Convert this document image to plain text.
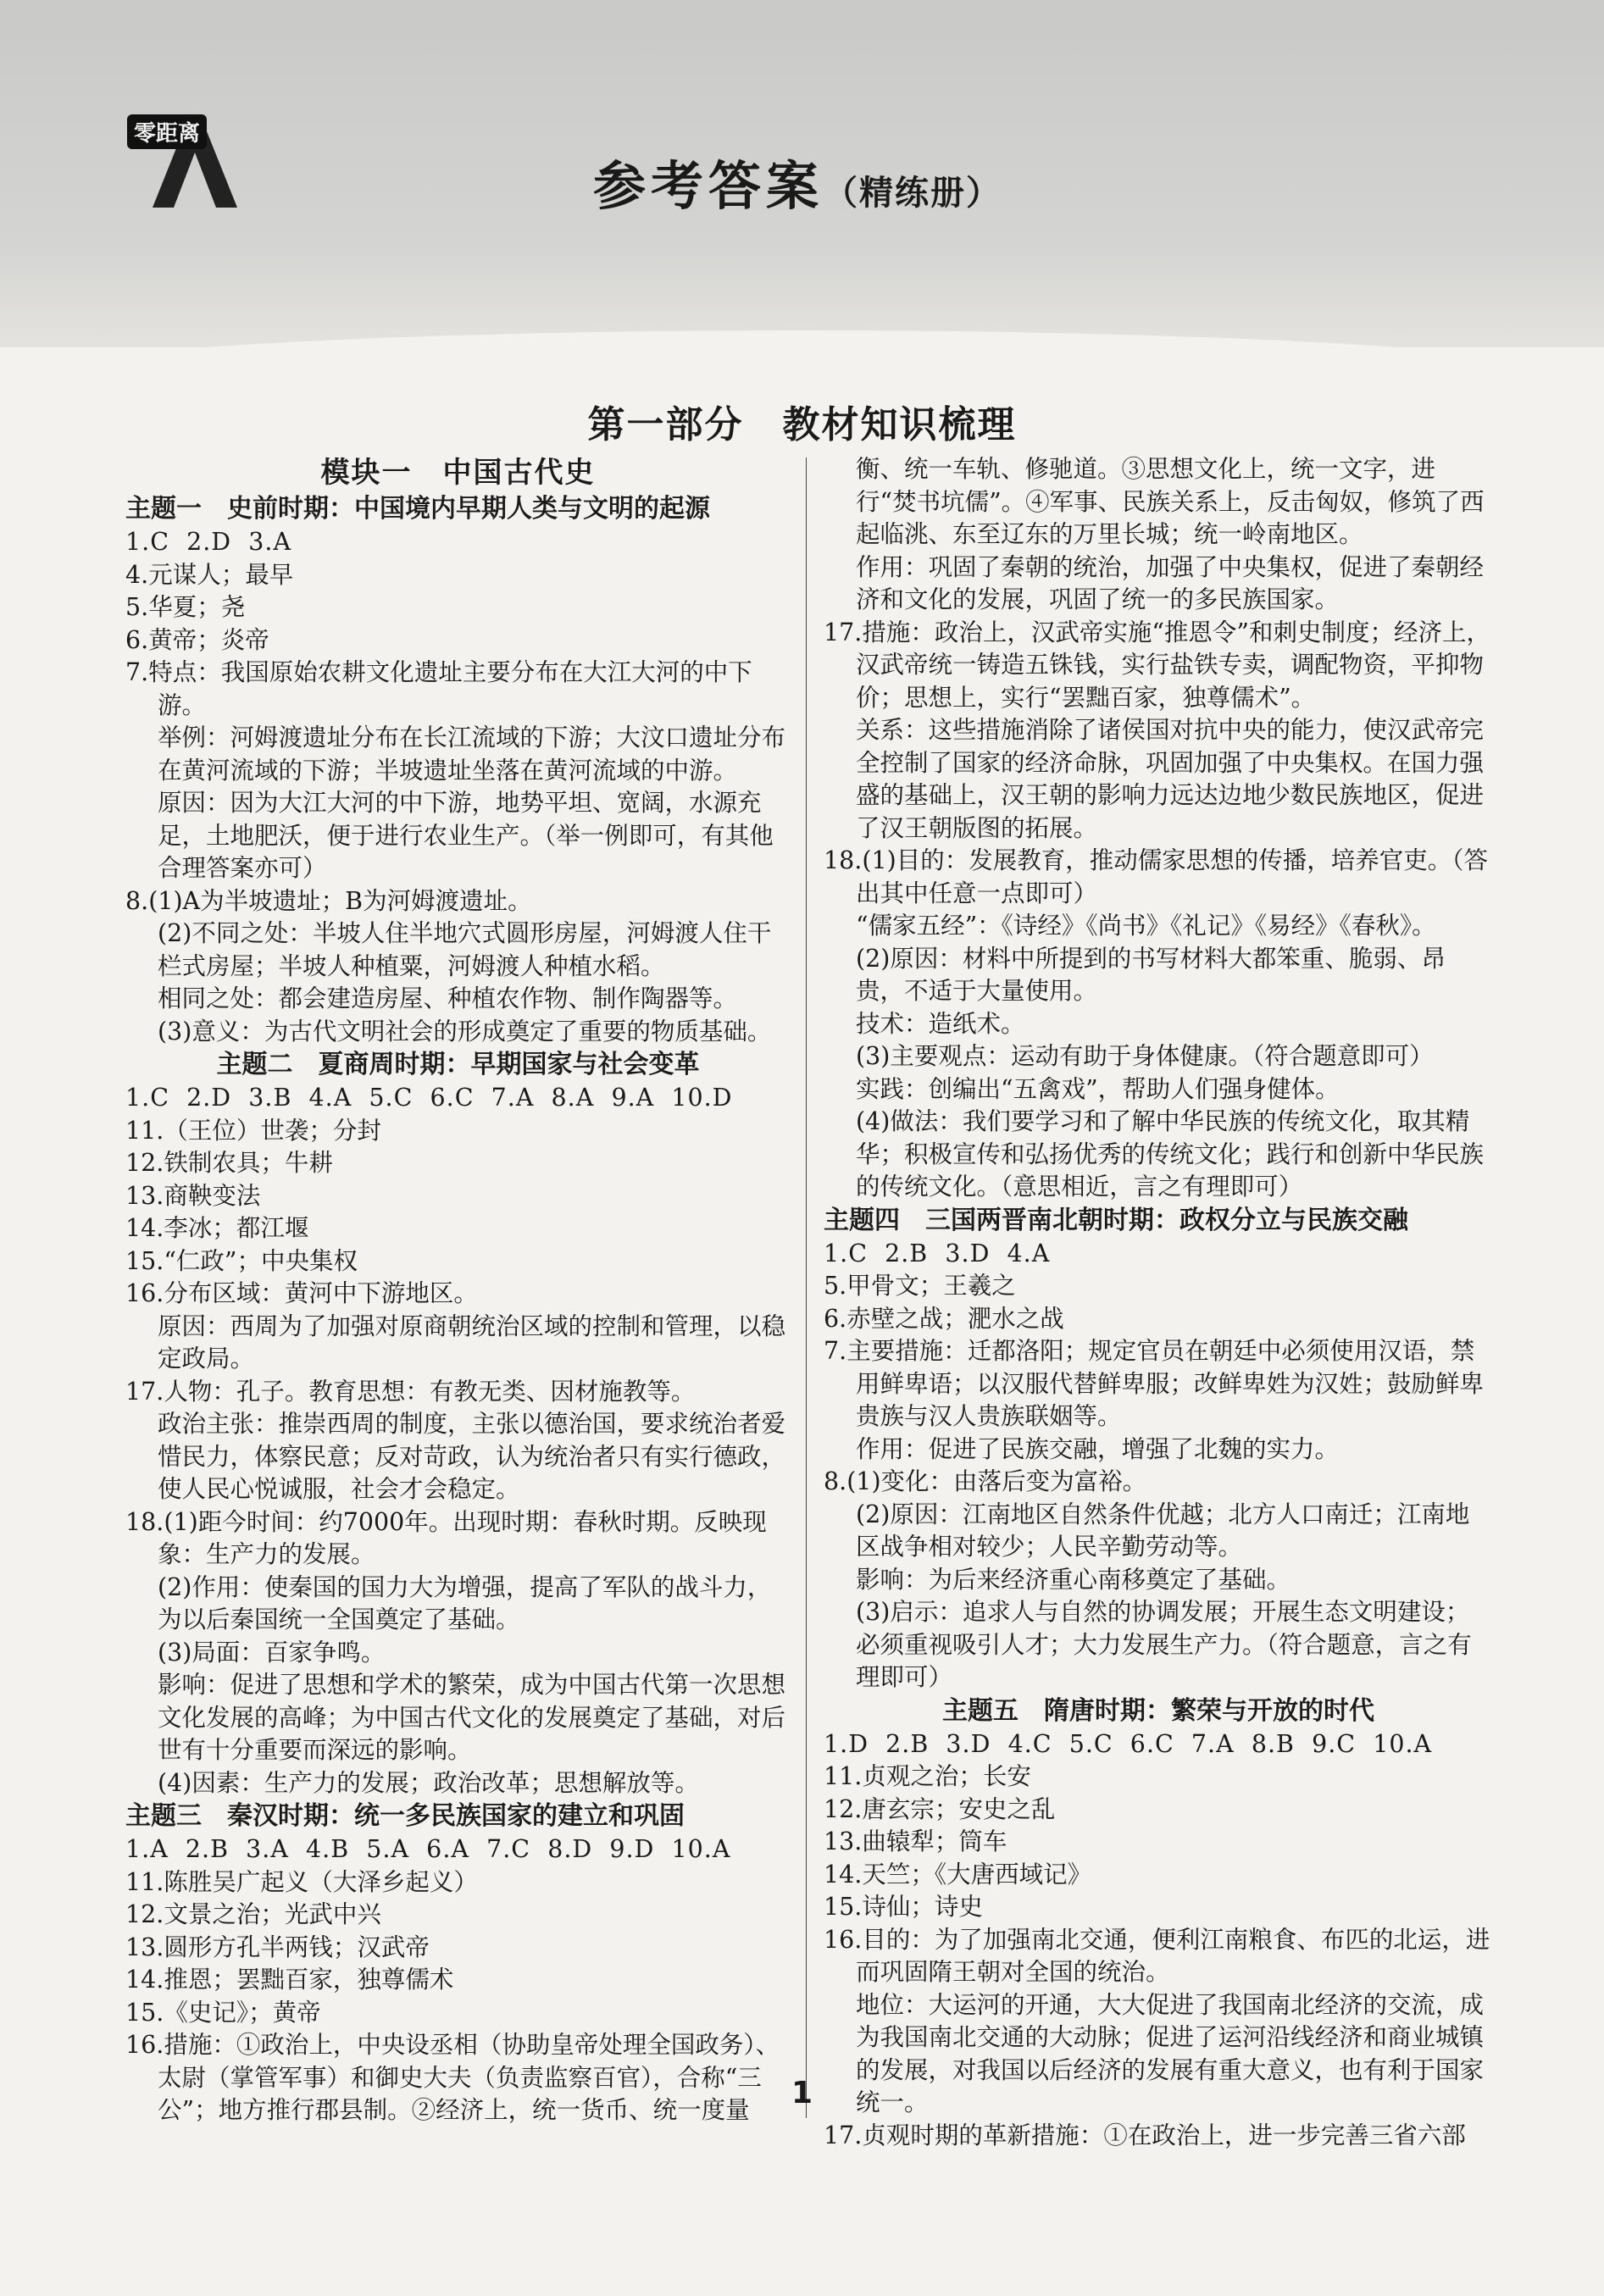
零距离
参考答案（精练册）
第一部分　教材知识梳理

模块一　中国古代史

主题一　史前时期：中国境内早期人类与文明的起源

1.C  2.D  3.A

4.元谋人；最早

5.华夏；尧

6.黄帝；炎帝

7.特点：我国原始农耕文化遗址主要分布在大江大河的中下游。

举例：河姆渡遗址分布在长江流域的下游；大汶口遗址分布在黄河流域的下游；半坡遗址坐落在黄河流域的中游。

原因：因为大江大河的中下游，地势平坦、宽阔，水源充足，土地肥沃，便于进行农业生产。（举一例即可，有其他合理答案亦可）

8.(1)A为半坡遗址；B为河姆渡遗址。

(2)不同之处：半坡人住半地穴式圆形房屋，河姆渡人住干栏式房屋；半坡人种植粟，河姆渡人种植水稻。

相同之处：都会建造房屋、种植农作物、制作陶器等。

(3)意义：为古代文明社会的形成奠定了重要的物质基础。

主题二　夏商周时期：早期国家与社会变革

1.C  2.D  3.B  4.A  5.C  6.C  7.A  8.A  9.A  10.D

11.（王位）世袭；分封

12.铁制农具；牛耕

13.商鞅变法

14.李冰；都江堰

15.“仁政”；中央集权

16.分布区域：黄河中下游地区。

原因：西周为了加强对原商朝统治区域的控制和管理，以稳定政局。

17.人物：孔子。教育思想：有教无类、因材施教等。

政治主张：推崇西周的制度，主张以德治国，要求统治者爱惜民力，体察民意；反对苛政，认为统治者只有实行德政，使人民心悦诚服，社会才会稳定。

18.(1)距今时间：约7000年。出现时期：春秋时期。反映现象：生产力的发展。

(2)作用：使秦国的国力大为增强，提高了军队的战斗力，为以后秦国统一全国奠定了基础。

(3)局面：百家争鸣。

影响：促进了思想和学术的繁荣，成为中国古代第一次思想文化发展的高峰；为中国古代文化的发展奠定了基础，对后世有十分重要而深远的影响。

(4)因素：生产力的发展；政治改革；思想解放等。

主题三　秦汉时期：统一多民族国家的建立和巩固

1.A  2.B  3.A  4.B  5.A  6.A  7.C  8.D  9.D  10.A

11.陈胜吴广起义（大泽乡起义）

12.文景之治；光武中兴

13.圆形方孔半两钱；汉武帝

14.推恩；罢黜百家，独尊儒术

15.《史记》；黄帝

16.措施：①政治上，中央设丞相（协助皇帝处理全国政务）、太尉（掌管军事）和御史大夫（负责监察百官），合称“三公”；地方推行郡县制。②经济上，统一货币、统一度量

衡、统一车轨、修驰道。③思想文化上，统一文字，进行“焚书坑儒”。④军事、民族关系上，反击匈奴，修筑了西起临洮、东至辽东的万里长城；统一岭南地区。

作用：巩固了秦朝的统治，加强了中央集权，促进了秦朝经济和文化的发展，巩固了统一的多民族国家。

17.措施：政治上，汉武帝实施“推恩令”和刺史制度；经济上，汉武帝统一铸造五铢钱，实行盐铁专卖，调配物资，平抑物价；思想上，实行“罢黜百家，独尊儒术”。

关系：这些措施消除了诸侯国对抗中央的能力，使汉武帝完全控制了国家的经济命脉，巩固加强了中央集权。在国力强盛的基础上，汉王朝的影响力远达边地少数民族地区，促进了汉王朝版图的拓展。

18.(1)目的：发展教育，推动儒家思想的传播，培养官吏。（答出其中任意一点即可）

“儒家五经”：《诗经》《尚书》《礼记》《易经》《春秋》。

(2)原因：材料中所提到的书写材料大都笨重、脆弱、昂贵，不适于大量使用。

技术：造纸术。

(3)主要观点：运动有助于身体健康。（符合题意即可）

实践：创编出“五禽戏”，帮助人们强身健体。

(4)做法：我们要学习和了解中华民族的传统文化，取其精华；积极宣传和弘扬优秀的传统文化；践行和创新中华民族的传统文化。（意思相近，言之有理即可）

主题四　三国两晋南北朝时期：政权分立与民族交融

1.C  2.B  3.D  4.A

5.甲骨文；王羲之

6.赤壁之战；淝水之战

7.主要措施：迁都洛阳；规定官员在朝廷中必须使用汉语，禁用鲜卑语；以汉服代替鲜卑服；改鲜卑姓为汉姓；鼓励鲜卑贵族与汉人贵族联姻等。

作用：促进了民族交融，增强了北魏的实力。

8.(1)变化：由落后变为富裕。

(2)原因：江南地区自然条件优越；北方人口南迁；江南地区战争相对较少；人民辛勤劳动等。

影响：为后来经济重心南移奠定了基础。

(3)启示：追求人与自然的协调发展；开展生态文明建设；必须重视吸引人才；大力发展生产力。（符合题意，言之有理即可）

主题五　隋唐时期：繁荣与开放的时代

1.D  2.B  3.D  4.C  5.C  6.C  7.A  8.B  9.C  10.A

11.贞观之治；长安

12.唐玄宗；安史之乱

13.曲辕犁；筒车

14.天竺；《大唐西域记》

15.诗仙；诗史

16.目的：为了加强南北交通，便利江南粮食、布匹的北运，进而巩固隋王朝对全国的统治。

地位：大运河的开通，大大促进了我国南北经济的交流，成为我国南北交通的大动脉；促进了运河沿线经济和商业城镇的发展，对我国以后经济的发展有重大意义，也有利于国家统一。

17.贞观时期的革新措施：①在政治上，进一步完善三省六部

1
